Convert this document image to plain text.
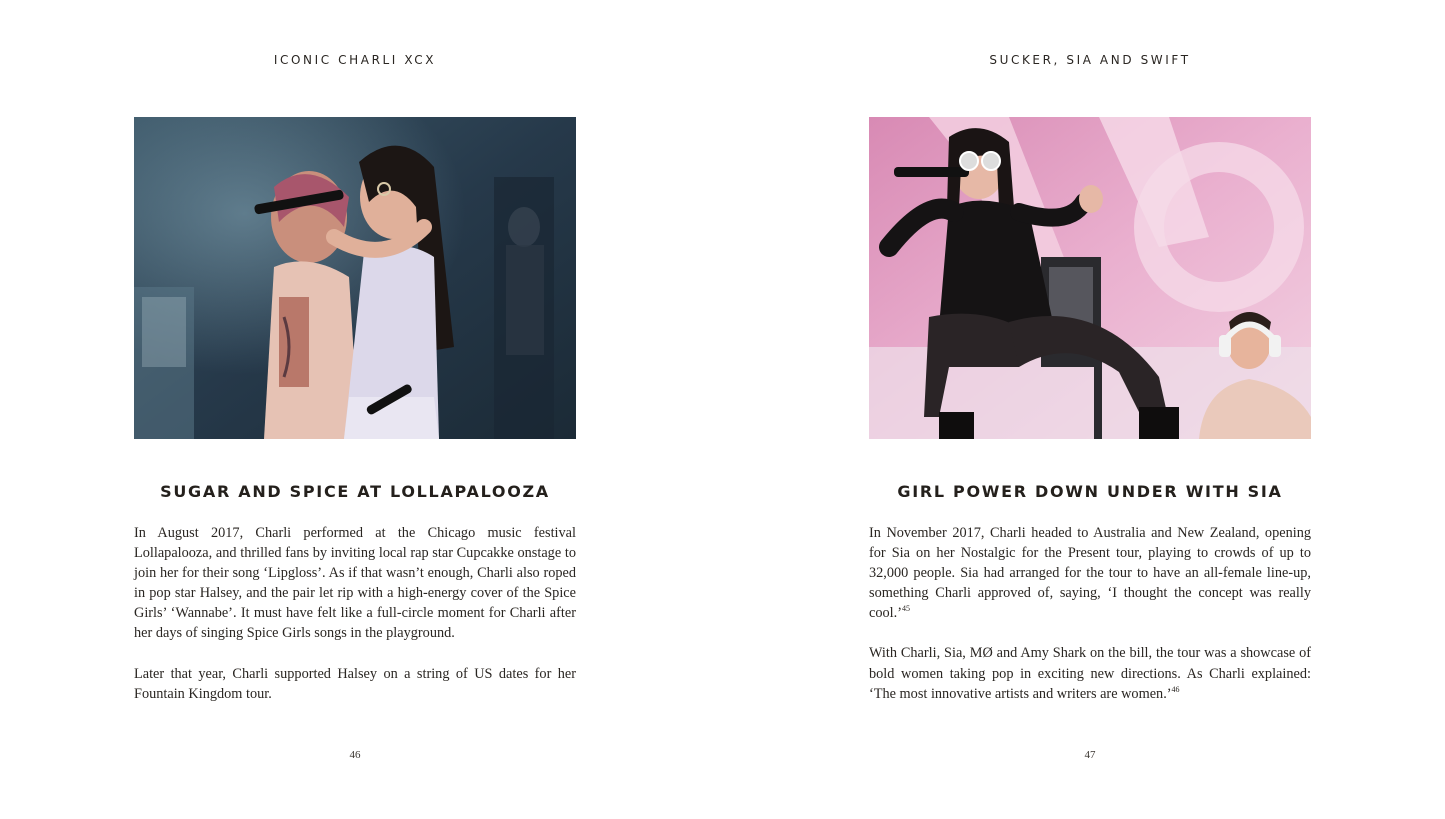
ICONIC CHARLI XCX
SUGAR AND SPICE AT LOLLAPALOOZA

In August 2017, Charli performed at the Chicago music festival Lollapalooza, and thrilled fans by inviting local rap star Cupcakke onstage to join her for their song ‘Lipgloss’. As if that wasn’t enough, Charli also roped in pop star Halsey, and the pair let rip with a high-energy cover of the Spice Girls’ ‘Wannabe’. It must have felt like a full-circle moment for Charli after her days of singing Spice Girls songs in the playground.

Later that year, Charli supported Halsey on a string of US dates for her Fountain Kingdom tour.

46
SUCKER, SIA AND SWIFT
GIRL POWER DOWN UNDER WITH SIA

In November 2017, Charli headed to Australia and New Zealand, opening for Sia on her Nostalgic for the Present tour, playing to crowds of up to 32,000 people. Sia had arranged for the tour to have an all-female line-up, something Charli approved of, saying, ‘I thought the concept was really cool.’$^{45}$

With Charli, Sia, MØ and Amy Shark on the bill, the tour was a showcase of bold women taking pop in exciting new directions. As Charli explained: ‘The most innovative artists and writers are women.’$^{46}$

47
